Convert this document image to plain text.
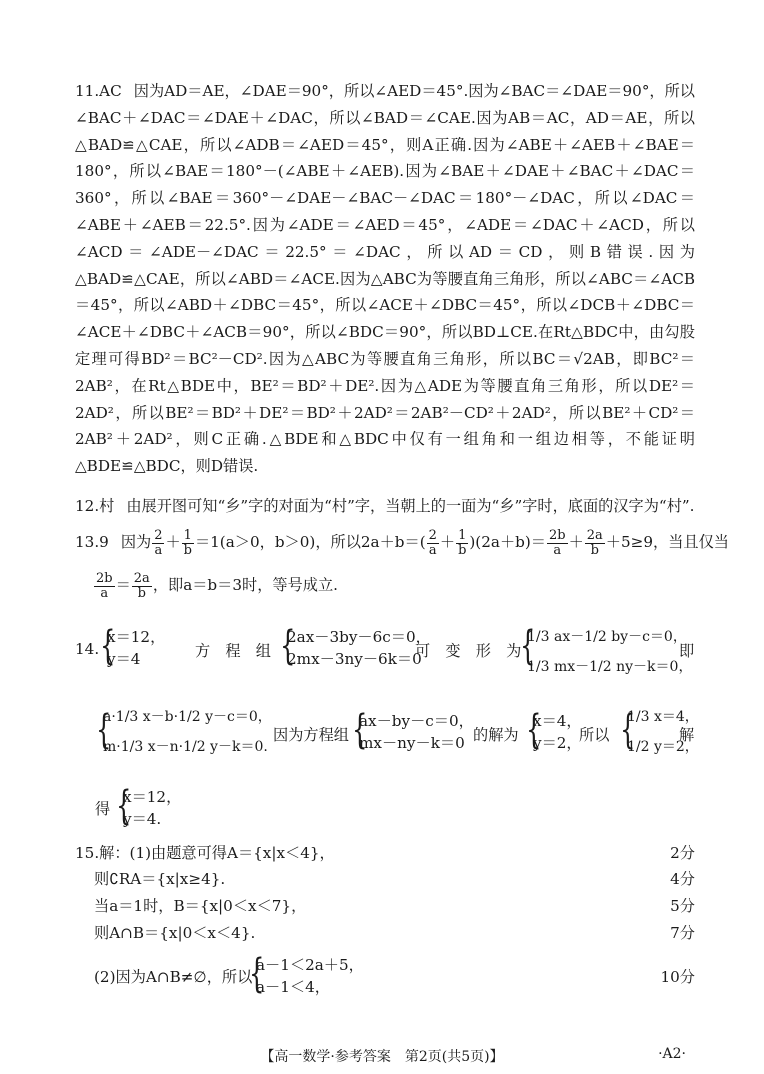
11.AC 因为AD＝AE，∠DAE＝90°，所以∠AED＝45°.因为∠BAC＝∠DAE＝90°，所以∠BAC＋∠DAC＝∠DAE＋∠DAC，所以∠BAD＝∠CAE.因为AB＝AC，AD＝AE，所以△BAD≌△CAE，所以∠ADB＝∠AED＝45°，则A正确.因为∠ABE＋∠AEB＋∠BAE＝180°，所以∠BAE＝180°－(∠ABE＋∠AEB).因为∠BAE＋∠DAE＋∠BAC＋∠DAC＝360°，所以∠BAE＝360°－∠DAE－∠BAC－∠DAC＝180°－∠DAC，所以∠DAC＝∠ABE＋∠AEB＝22.5°.因为∠ADE＝∠AED＝45°，∠ADE＝∠DAC＋∠ACD，所以∠ACD＝∠ADE－∠DAC＝22.5°＝∠DAC，所以AD＝CD，则B错误.因为△BAD≌△CAE，所以∠ABD＝∠ACE.因为△ABC为等腰直角三角形，所以∠ABC＝∠ACB＝45°，所以∠ABD＋∠DBC＝45°，所以∠ACE＋∠DBC＝45°，所以∠DCB＋∠DBC＝∠ACE＋∠DBC＋∠ACB＝90°，所以∠BDC＝90°，所以BD⊥CE.在Rt△BDC中，由勾股定理可得BD²＝BC²－CD².因为△ABC为等腰直角三角形，所以BC＝√2AB，即BC²＝2AB²，在Rt△BDE中，BE²＝BD²＋DE².因为△ADE为等腰直角三角形，所以DE²＝2AD²，所以BE²＝BD²＋DE²＝BD²＋2AD²＝2AB²－CD²＋2AD²，所以BE²＋CD²＝2AB²＋2AD²，则C正确.△BDE和△BDC中仅有一组角和一组边相等，不能证明△BDE≌△BDC，则D错误.
12.村 由展开图可知“乡”字的对面为“村”字，当朝上的一面为“乡”字时，底面的汉字为“村”.
13.9 因为 $\frac{2}{a} + \frac{1}{b} =1(a>0$，b＞0)，所以$2a+b=( \frac{2}{a} + \frac{1}{b} )(2a+b)= \frac{2b}{a} + \frac{2a}{b} +5\ge 9$，当且仅当
$\frac{2b}{a} = \frac{2a}{b}$ ，即a＝b＝3时，等号成立.
14. {
x＝12，
y＝4	方　程　组 {
2ax－3by－6c＝0，
2mx－3ny－6k＝0
可　变　形　为
{
1/3 ax－1/2 by－c＝0，
1/3 mx－1/2 ny－k＝0，
即
{
a·1/3 x－b·1/2 y－c＝0，
m·1/3 x－n·1/2 y－k＝0.
因为方程组 {
ax－by－c＝0，
mx－ny－k＝0 的解为 {
x＝4，
y＝2，
所以 {
1/3 x＝4，
1/2 y＝2，
解
得 {
x＝12，
y＝4.
15.解：(1)由题意可得A＝{x|x＜4}，	2分
则∁RA＝{x|x≥4}.	4分
当a＝1时，B＝{x|0＜x＜7}，	5分
则A∩B＝{x|0＜x＜4}.	7分
(2)因为A∩B≠∅，所以
{
a－1＜2a＋5，
a－1＜4，
10分
【高一数学·参考答案　第2页(共5页)】	·A2·
